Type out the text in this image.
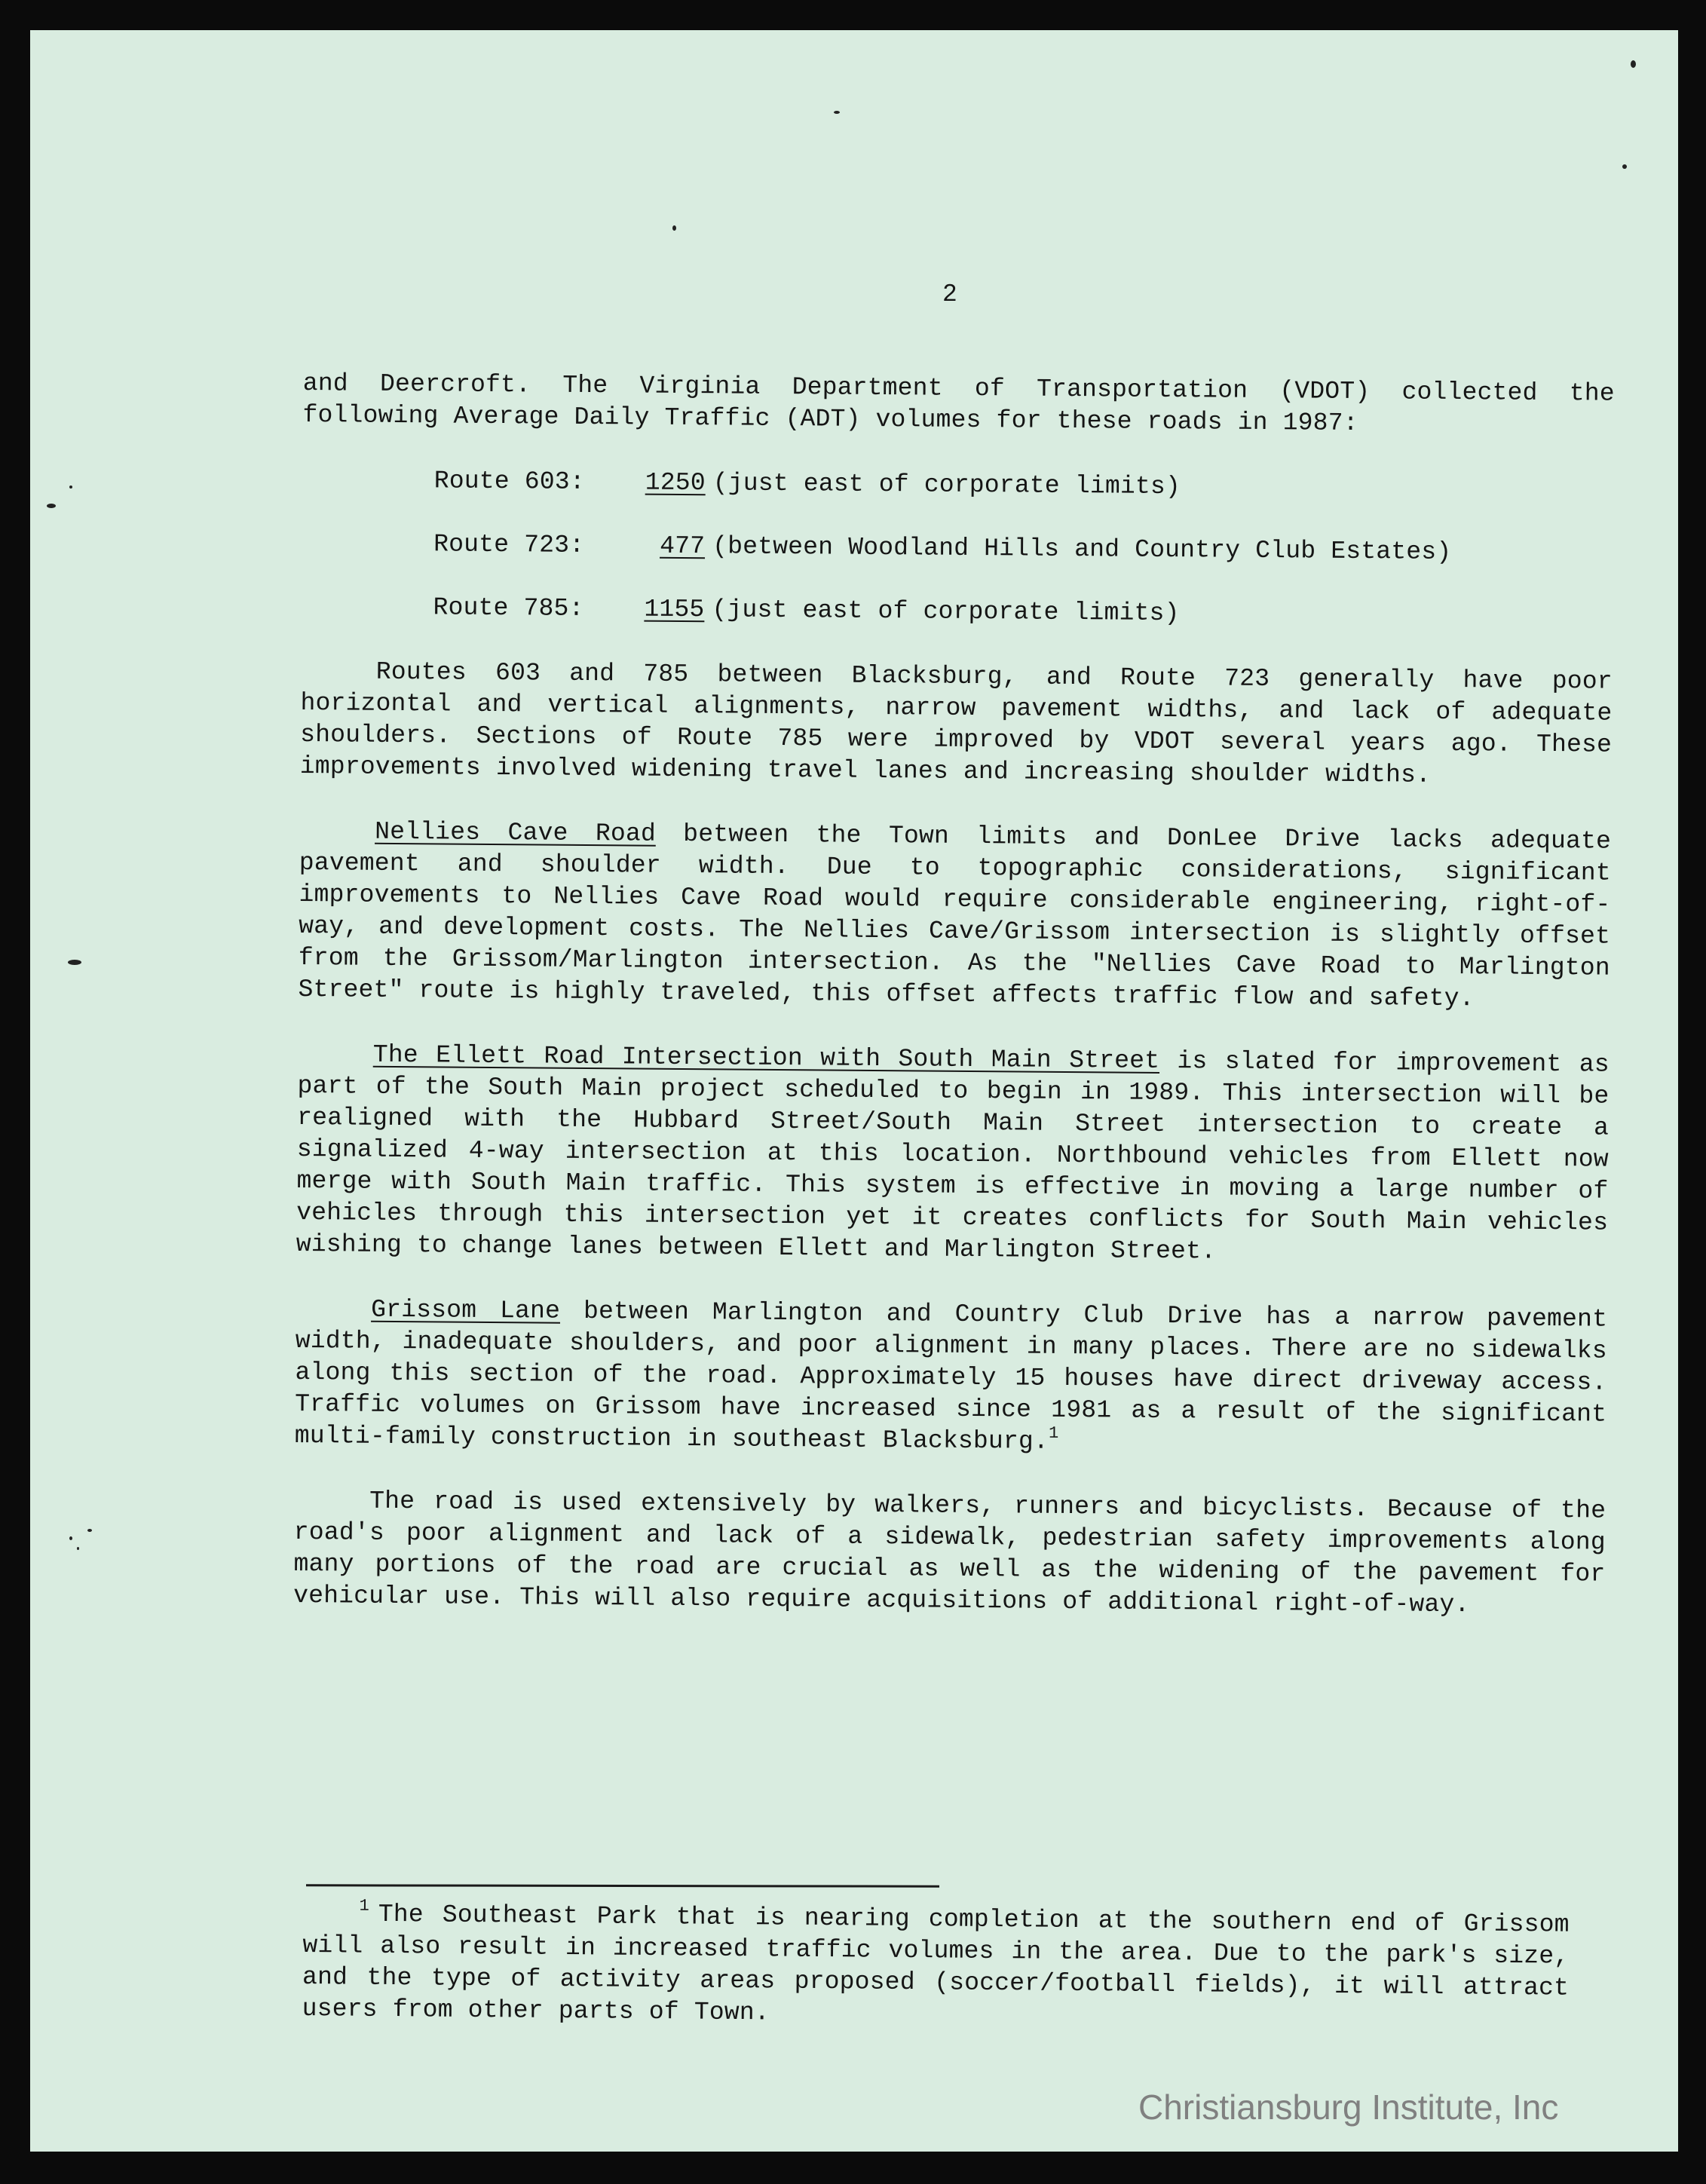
2

and Deercroft. The Virginia Department of Transportation (VDOT) collected the following Average Daily Traffic (ADT) volumes for these roads in 1987:

Route 603: 1250 (just east of corporate limits)
Route 723:	477 (between Woodland Hills and Country Club Estates)
Route 785: 1155 (just east of corporate limits)

Routes 603 and 785 between Blacksburg, and Route 723 generally have poor horizontal and vertical alignments, narrow pavement widths, and lack of adequate shoulders. Sections of Route 785 were improved by VDOT several years ago. These improvements involved widening travel lanes and increasing shoulder widths.

Nellies Cave Road between the Town limits and DonLee Drive lacks adequate pavement and shoulder width. Due to topographic considerations, significant improvements to Nellies Cave Road would require considerable engineering, right-of-way, and development costs. The Nellies Cave/Grissom intersection is slightly offset from the Grissom/Marlington intersection. As the "Nellies Cave Road to Marlington Street" route is highly traveled, this offset affects traffic flow and safety.

The Ellett Road Intersection with South Main Street is slated for improvement as part of the South Main project scheduled to begin in 1989. This intersection will be realigned with the Hubbard Street/South Main Street intersection to create a signalized 4-way intersection at this location. Northbound vehicles from Ellett now merge with South Main traffic. This system is effective in moving a large number of vehicles through this intersection yet it creates conflicts for South Main vehicles wishing to change lanes between Ellett and Marlington Street.

Grissom Lane between Marlington and Country Club Drive has a narrow pavement width, inadequate shoulders, and poor alignment in many places. There are no sidewalks along this section of the road. Approximately 15 houses have direct driveway access. Traffic volumes on Grissom have increased since 1981 as a result of the significant multi-family construction in southeast Blacksburg.$^1$

The road is used extensively by walkers, runners and bicyclists. Because of the road's poor alignment and lack of a sidewalk, pedestrian safety improvements along many portions of the road are crucial as well as the widening of the pavement for vehicular use. This will also require acquisitions of additional right-of-way.

$^1$ The Southeast Park that is nearing completion at the southern end of Grissom will also result in increased traffic volumes in the area. Due to the park's size, and the type of activity areas proposed (soccer/football fields), it will attract users from other parts of Town.

Christiansburg Institute, Inc
